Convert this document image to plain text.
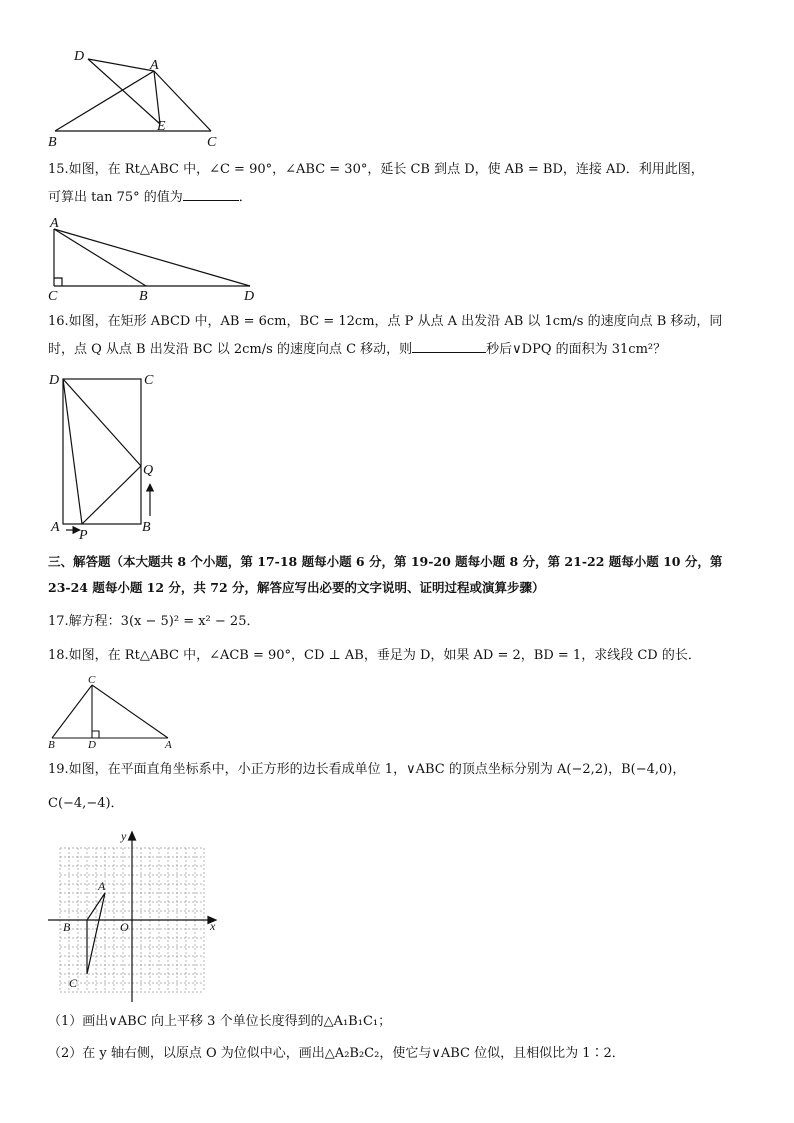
D
A
E
B	C
15.如图，在 Rt△ABC 中，∠C = 90°，∠ABC = 30°，延长 CB 到点 D，使 AB = BD，连接 AD．利用此图，
可算出 tan 75° 的值为	．
A
C	B	D
16.如图，在矩形 ABCD 中，AB = 6cm，BC = 12cm，点 P 从点 A 出发沿 AB 以 1cm/s 的速度向点 B 移动，同
时，点 Q 从点 B 出发沿 BC 以 2cm/s 的速度向点 C 移动，则	秒后∨DPQ 的面积为 31cm²？
D	C
Q
A
P
B
三、解答题（本大题共 8 个小题，第 17-18 题每小题 6 分，第 19-20 题每小题 8 分，第 21-22 题每小题 10 分，第
23-24 题每小题 12 分，共 72 分，解答应写出必要的文字说明、证明过程或演算步骤）
17.解方程：3(x − 5)² = x² − 25．
18.如图，在 Rt△ABC 中，∠ACB = 90°，CD ⊥ AB，垂足为 D，如果 AD = 2，BD = 1，求线段 CD 的长．
C
B	D	A
19.如图，在平面直角坐标系中，小正方形的边长看成单位 1，∨ABC 的顶点坐标分别为 A(−2,2)，B(−4,0)，
C(−4,−4)．
y
x
O
A
B
C
（1）画出∨ABC 向上平移 3 个单位长度得到的△A₁B₁C₁；
（2）在 y 轴右侧，以原点 O 为位似中心，画出△A₂B₂C₂，使它与∨ABC 位似，且相似比为 1∶2．
